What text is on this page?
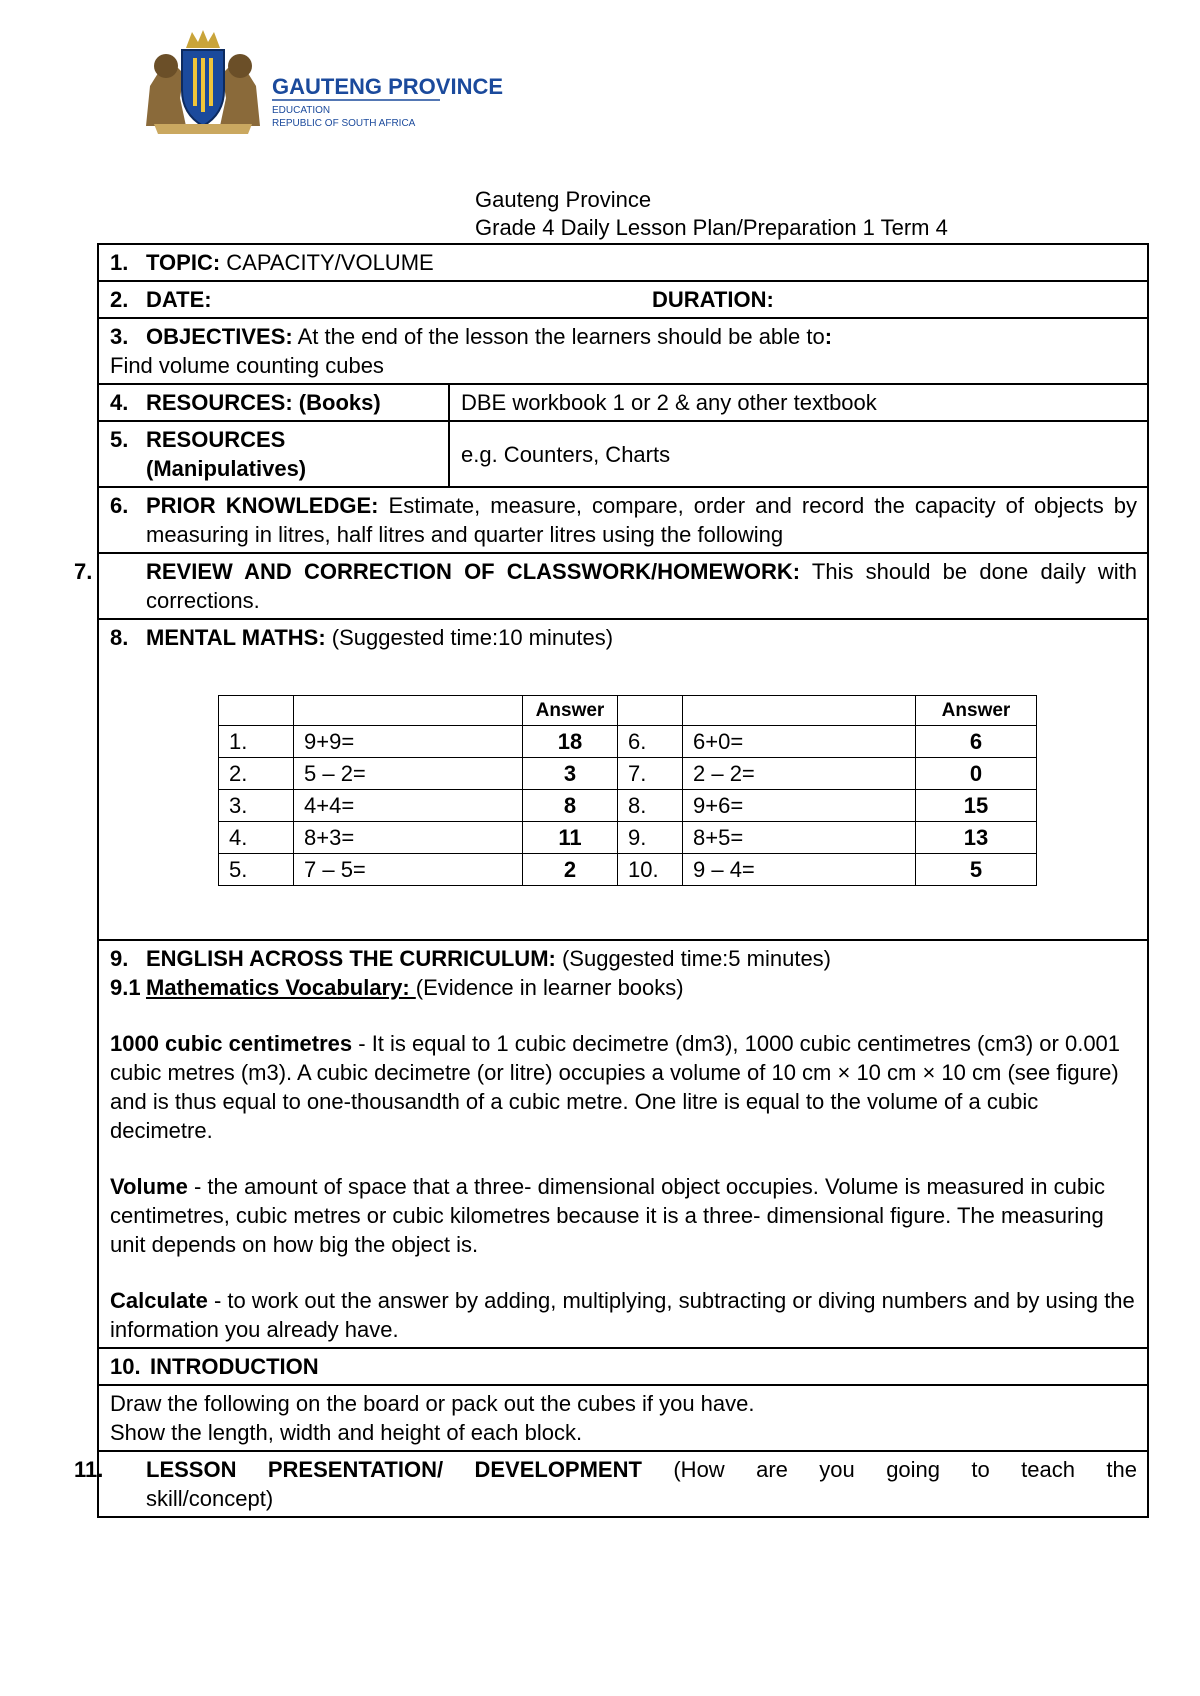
GAUTENG PROVINCE
EDUCATION
REPUBLIC OF SOUTH AFRICA
Gauteng Province
Grade 4 Daily Lesson Plan/Preparation 1 Term 4
1. TOPIC: CAPACITY/VOLUME

2. DATE:	DURATION:

3. OBJECTIVES: At the end of the lesson the learners should be able to:
Find volume counting cubes

4. RESOURCES: (Books)	DBE workbook 1 or 2 & any other textbook

5. RESOURCES
(Manipulatives)
	e.g. Counters, Charts

6. PRIOR KNOWLEDGE: Estimate, measure, compare, order and record the capacity of objects by measuring in litres, half litres and quarter litres using the following

7. REVIEW AND CORRECTION OF CLASSWORK/HOMEWORK: This should be done daily with corrections.

8. MENTAL MATHS: (Suggested time:10 minutes)
		Answer			Answer
1.	9+9=	18	6.	6+0=	6
2.	5 – 2=	3	7.	2 – 2=	0
3.	4+4=	8	8.	9+6=	15
4.	8+3=	11	9.	8+5=	13
5.	7 – 5=	2	10.	9 – 4=	5

9. ENGLISH ACROSS THE CURRICULUM: (Suggested time:5 minutes)
9.1 Mathematics Vocabulary: (Evidence in learner books)
1000 cubic centimetres - It is equal to 1 cubic decimetre (dm3), 1000 cubic centimetres (cm3) or 0.001 cubic metres (m3). A cubic decimetre (or litre) occupies a volume of 10 cm × 10 cm × 10 cm (see figure) and is thus equal to one-thousandth of a cubic metre. One litre is equal to the volume of a cubic decimetre.
Volume - the amount of space that a three- dimensional object occupies. Volume is measured in cubic centimetres, cubic metres or cubic kilometres because it is a three- dimensional figure. The measuring unit depends on how big the object is.
Calculate - to work out the answer by adding, multiplying, subtracting or diving numbers and by using the information you already have.

10. INTRODUCTION

Draw the following on the board or pack out the cubes if you have.
Show the length, width and height of each block.

11. LESSON PRESENTATION/ DEVELOPMENT (How are you going to teach the skill/concept)
